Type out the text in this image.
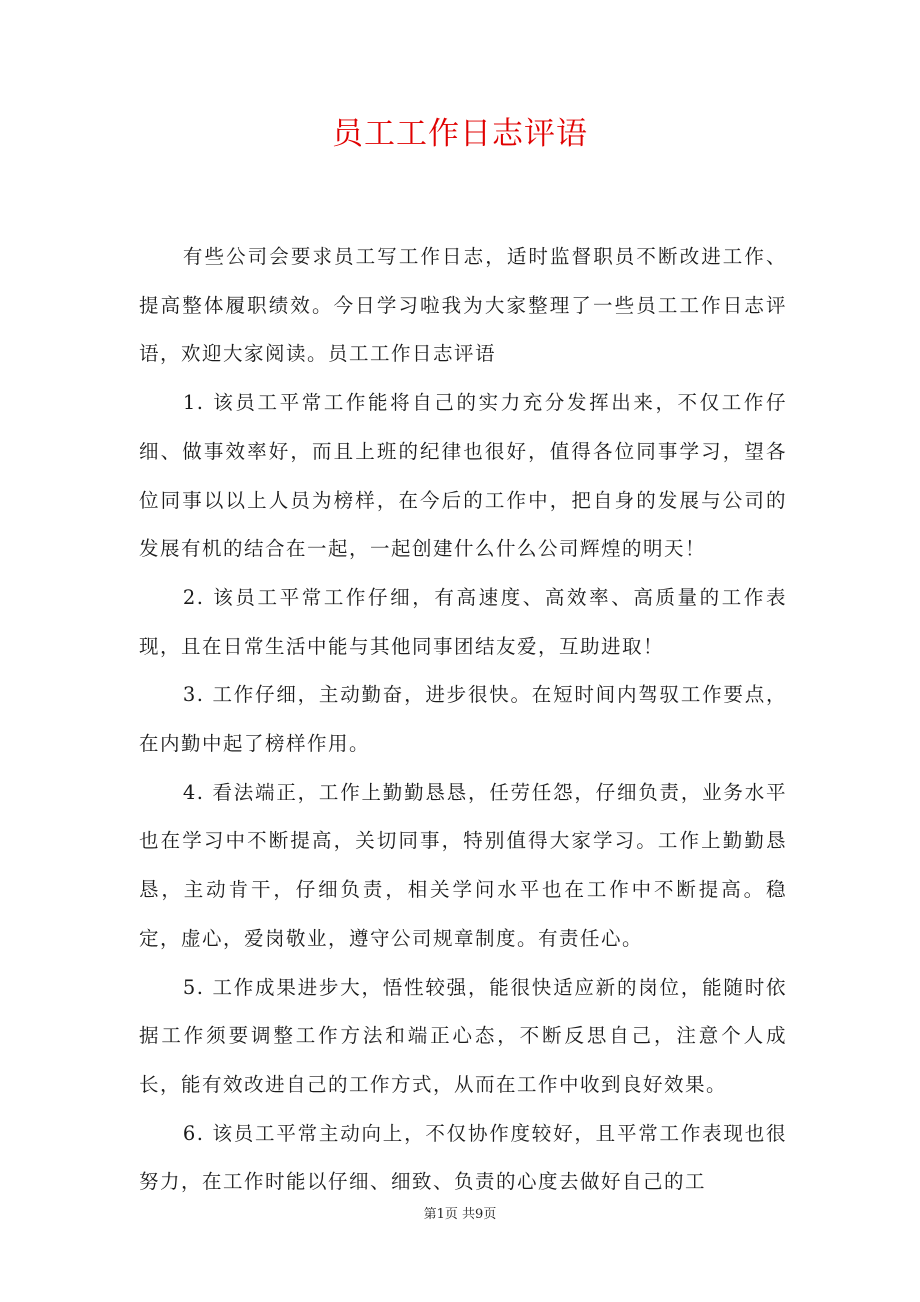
员工工作日志评语

有些公司会要求员工写工作日志，适时监督职员不断改进工作、提高整体履职绩效。今日学习啦我为大家整理了一些员工工作日志评语，欢迎大家阅读。员工工作日志评语

1. 该员工平常工作能将自己的实力充分发挥出来，不仅工作仔细、做事效率好，而且上班的纪律也很好，值得各位同事学习，望各位同事以以上人员为榜样，在今后的工作中，把自身的发展与公司的发展有机的结合在一起，一起创建什么什么公司辉煌的明天！

2. 该员工平常工作仔细，有高速度、高效率、高质量的工作表现，且在日常生活中能与其他同事团结友爱，互助进取！

3. 工作仔细，主动勤奋，进步很快。在短时间内驾驭工作要点，在内勤中起了榜样作用。

4. 看法端正，工作上勤勤恳恳，任劳任怨，仔细负责，业务水平也在学习中不断提高，关切同事，特别值得大家学习。工作上勤勤恳恳，主动肯干，仔细负责，相关学问水平也在工作中不断提高。稳定，虚心，爱岗敬业，遵守公司规章制度。有责任心。

5. 工作成果进步大，悟性较强，能很快适应新的岗位，能随时依据工作须要调整工作方法和端正心态，不断反思自己，注意个人成长，能有效改进自己的工作方式，从而在工作中收到良好效果。

6. 该员工平常主动向上，不仅协作度较好，且平常工作表现也很努力，在工作时能以仔细、细致、负责的心度去做好自己的工

第1页 共9页
